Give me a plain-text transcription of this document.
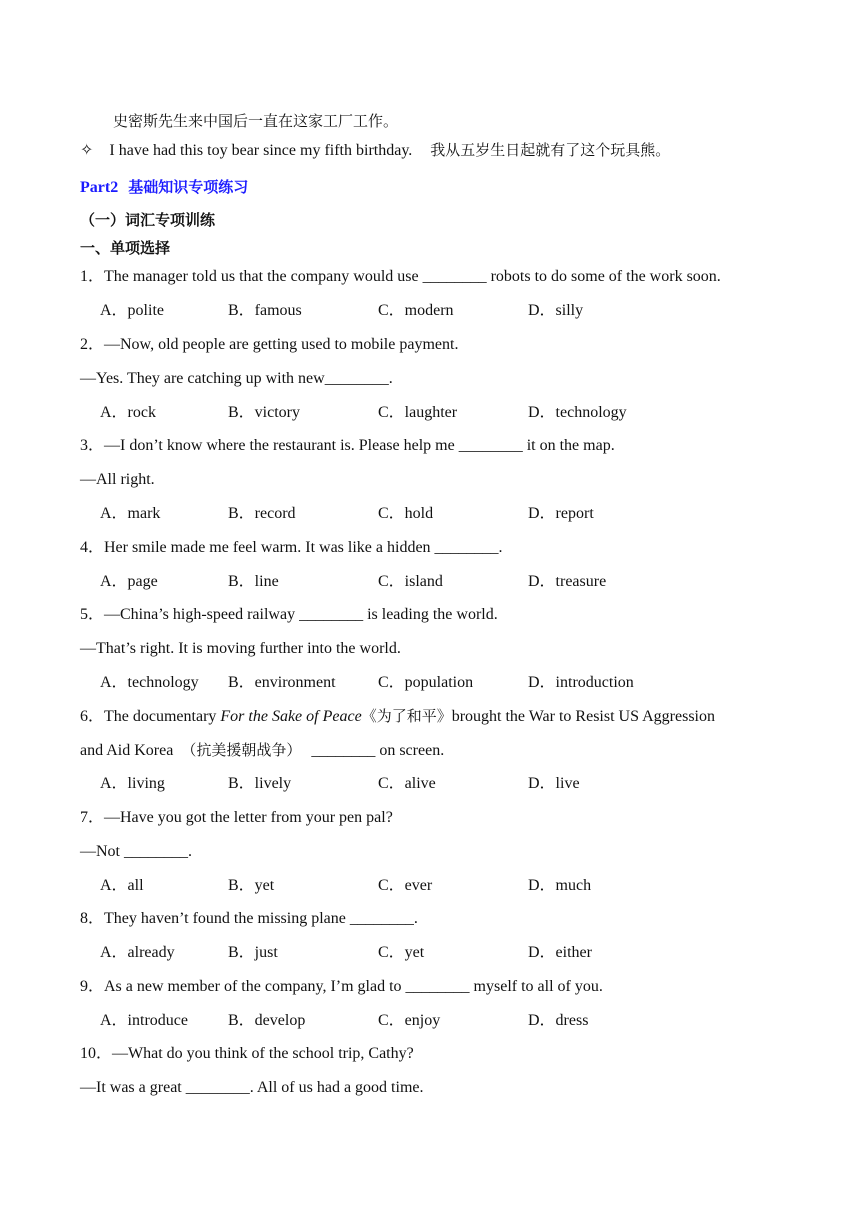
史密斯先生来中国后一直在这家工厂工作。
✧ I have had this toy bear since my fifth birthday. 我从五岁生日起就有了这个玩具熊。
Part2 基础知识专项练习
（一）词汇专项训练
一、单项选择
1．The manager told us that the company would use ________ robots to do some of the work soon.
A．polite	B．famous	C．modern	D．silly
2．—Now, old people are getting used to mobile payment.
—Yes. They are catching up with new________.
A．rock	B．victory	C．laughter	D．technology
3．—I don’t know where the restaurant is. Please help me ________ it on the map.
—All right.
A．mark	B．record	C．hold	D．report
4．Her smile made me feel warm. It was like a hidden ________.
A．page	B．line	C．island	D．treasure
5．—China’s high-speed railway ________ is leading the world.
—That’s right. It is moving further into the world.
A．technology B．environment	C．population	D．introduction
6．The documentary For the Sake of Peace《为了和平》brought the War to Resist US Aggression
and Aid Korea （抗美援朝战争） ________ on screen.
A．living	B．lively	C．alive	D．live
7．—Have you got the letter from your pen pal?
—Not ________.
A．all	B．yet	C．ever	D．much
8．They haven’t found the missing plane ________.
A．already	B．just	C．yet	D．either
9．As a new member of the company, I’m glad to ________ myself to all of you.
A．introduce	B．develop	C．enjoy	D．dress
10．—What do you think of the school trip, Cathy?
—It was a great ________. All of us had a good time.
